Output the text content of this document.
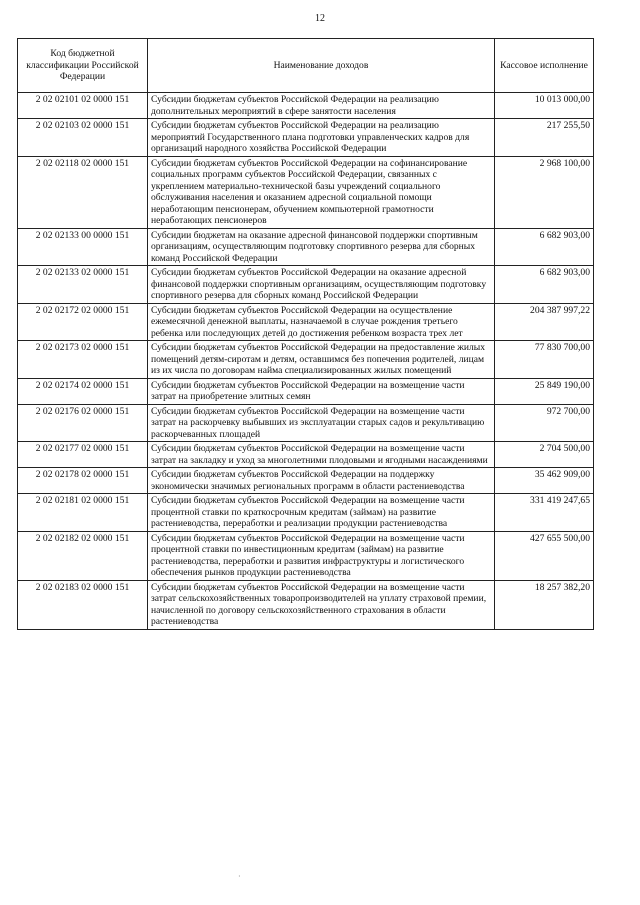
12
Код бюджетной классификации Российской Федерации	Наименование доходов	Кассовое исполнение
2 02 02101 02 0000 151	Субсидии бюджетам субъектов Российской Федерации на реализацию дополнительных мероприятий в сфере занятости населения	10 013 000,00
2 02 02103 02 0000 151	Субсидии бюджетам субъектов Российской Федерации на реализацию мероприятий Государственного плана подготовки управленческих кадров для организаций народного хозяйства Российской Федерации	217 255,50
2 02 02118 02 0000 151	Субсидии бюджетам субъектов Российской Федерации на софинансирование социальных программ субъектов Российской Федерации, связанных с укреплением материально-технической базы учреждений социального обслуживания населения и оказанием адресной социальной помощи неработающим пенсионерам, обучением компьютерной грамотности неработающих пенсионеров	2 968 100,00
2 02 02133 00 0000 151	Субсидии бюджетам на оказание адресной финансовой поддержки спортивным организациям, осуществляющим подготовку спортивного резерва для сборных команд Российской Федерации	6 682 903,00
2 02 02133 02 0000 151	Субсидии бюджетам субъектов Российской Федерации на оказание адресной финансовой поддержки спортивным организациям, осуществляющим подготовку спортивного резерва для сборных команд Российской Федерации	6 682 903,00
2 02 02172 02 0000 151	Субсидии бюджетам субъектов Российской Федерации на осуществление ежемесячной денежной выплаты, назначаемой в случае рождения третьего ребенка или последующих детей до достижения ребенком возраста трех лет	204 387 997,22
2 02 02173 02 0000 151	Субсидии бюджетам субъектов Российской Федерации на предоставление жилых помещений детям-сиротам и детям, оставшимся без попечения родителей, лицам из их числа по договорам найма специализированных жилых помещений	77 830 700,00
2 02 02174 02 0000 151	Субсидии бюджетам субъектов Российской Федерации на возмещение части затрат на приобретение элитных семян	25 849 190,00
2 02 02176 02 0000 151	Субсидии бюджетам субъектов Российской Федерации на возмещение части затрат на раскорчевку выбывших из эксплуатации старых садов и рекультивацию раскорчеванных площадей	972 700,00
2 02 02177 02 0000 151	Субсидии бюджетам субъектов Российской Федерации на возмещение части затрат на закладку и уход за многолетними плодовыми и ягодными насаждениями	2 704 500,00
2 02 02178 02 0000 151	Субсидии бюджетам субъектов Российской Федерации на поддержку экономически значимых региональных программ в области растениеводства	35 462 909,00
2 02 02181 02 0000 151	Субсидии бюджетам субъектов Российской Федерации на возмещение части процентной ставки по краткосрочным кредитам (займам) на развитие растениеводства, переработки и реализации продукции растениеводства	331 419 247,65
2 02 02182 02 0000 151	Субсидии бюджетам субъектов Российской Федерации на возмещение части процентной ставки по инвестиционным кредитам (займам) на развитие растениеводства, переработки и развития инфраструктуры и логистического обеспечения рынков продукции растениеводства	427 655 500,00
2 02 02183 02 0000 151	Субсидии бюджетам субъектов Российской Федерации на возмещение части затрат сельскохозяйственных товаропроизводителей на уплату страховой премии, начисленной по договору сельскохозяйственного страхования в области растениеводства	18 257 382,20
·
